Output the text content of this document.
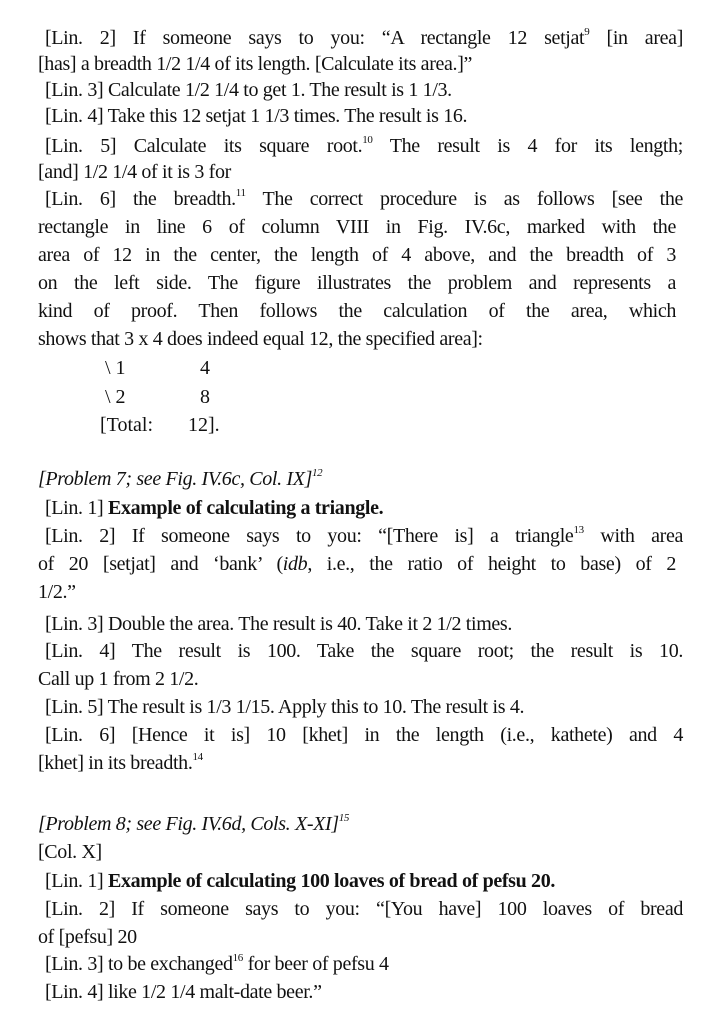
[Lin. 2] If someone says to you: “A rectangle 12 setjat$^9$ [in area]
[has] a breadth 1/2 1/4 of its length. [Calculate its area.]”
[Lin. 3] Calculate 1/2 1/4 to get 1. The result is 1 1/3.
[Lin. 4] Take this 12 setjat 1 1/3 times. The result is 16.
[Lin. 5] Calculate its square root.$^{10}$ The result is 4 for its length;
[and] 1/2 1/4 of it is 3 for
[Lin. 6] the breadth.$^{11}$ The correct procedure is as follows [see the
rectangle in line 6 of column VIII in Fig. IV.6c, marked with the
area of 12 in the center, the length of 4 above, and the breadth of 3
on the left side. The figure illustrates the problem and represents a
kind of proof. Then follows the calculation of the area, which
shows that 3 x 4 does indeed equal 12, the specified area]:
\ 1	4
\ 2	8
[Total: 12].
[Problem 7; see Fig. IV.6c, Col. IX]$^{12}$
[Lin. 1] Example of calculating a triangle.
[Lin. 2] If someone says to you: “[There is] a triangle$^{13}$ with area
of 20 [setjat] and ‘bank’ (idb, i.e., the ratio of height to base) of 2
1/2.”
[Lin. 3] Double the area. The result is 40. Take it 2 1/2 times.
[Lin. 4] The result is 100. Take the square root; the result is 10.
Call up 1 from 2 1/2.
[Lin. 5] The result is 1/3 1/15. Apply this to 10. The result is 4.
[Lin. 6] [Hence it is] 10 [khet] in the length (i.e., kathete) and 4
[khet] in its breadth.$^{14}$
[Problem 8; see Fig. IV.6d, Cols. X-XI]$^{15}$
[Col. X]
[Lin. 1] Example of calculating 100 loaves of bread of pefsu 20.
[Lin. 2] If someone says to you: “[You have] 100 loaves of bread
of [pefsu] 20
[Lin. 3] to be exchanged$^{16}$ for beer of pefsu 4
[Lin. 4] like 1/2 1/4 malt-date beer.”
